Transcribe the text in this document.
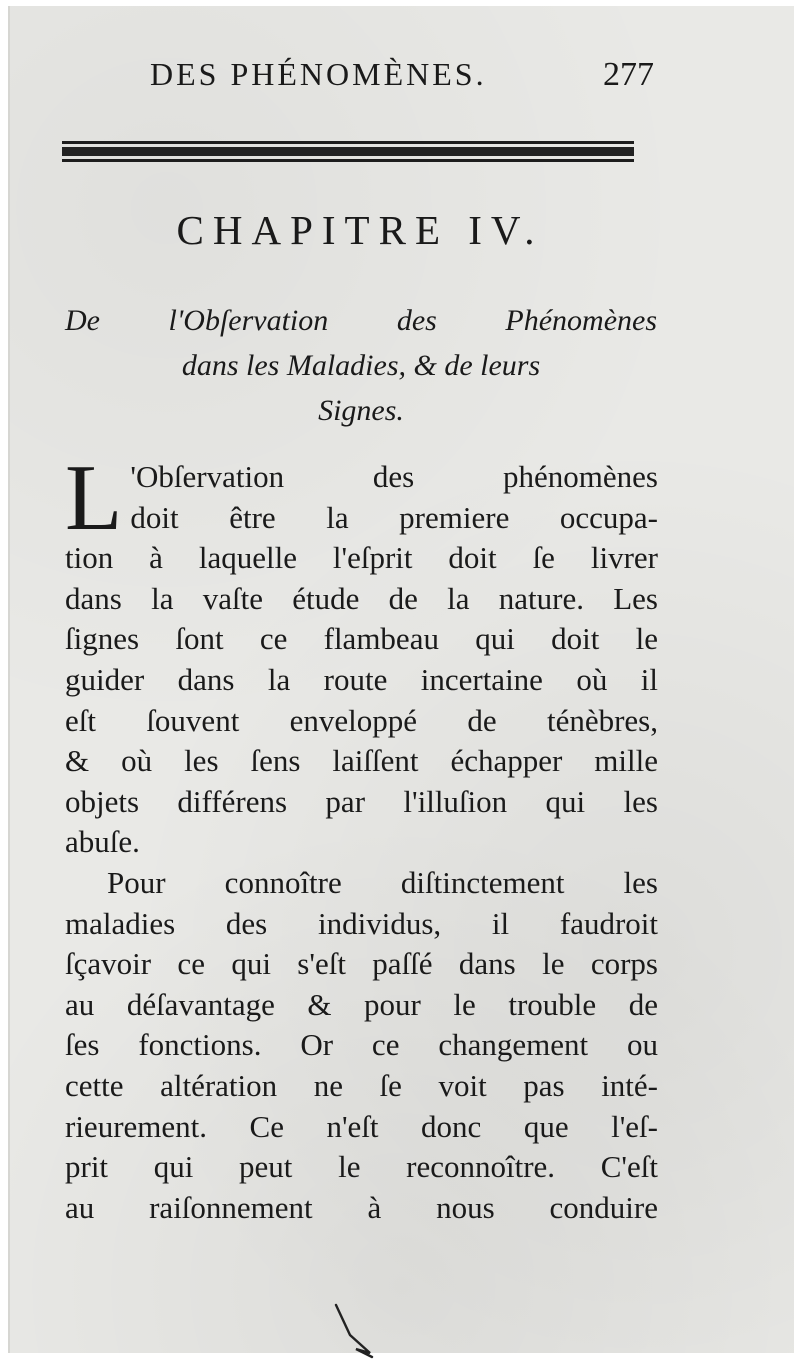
DES PHÉNOMÈNES.	277
CHAPITRE IV.
De l'Obſervation des Phénomènes
dans les Maladies, & de leurs
Signes.
L 'Obſervation des phénomènes
doit être la premiere occupa-
tion à laquelle l'eſprit doit ſe livrer
dans la vaſte étude de la nature. Les
ſignes ſont ce flambeau qui doit le
guider dans la route incertaine où il
eſt ſouvent enveloppé de ténèbres,
& où les ſens laiſſent échapper mille
objets différens par l'illuſion qui les
abuſe.
Pour connoître diſtinctement les
maladies des individus, il faudroit
ſçavoir ce qui s'eſt paſſé dans le corps
au déſavantage & pour le trouble de
ſes fonctions. Or ce changement ou
cette altération ne ſe voit pas inté-
rieurement. Ce n'eſt donc que l'eſ-
prit qui peut le reconnoître. C'eſt
au raiſonnement à nous conduire
